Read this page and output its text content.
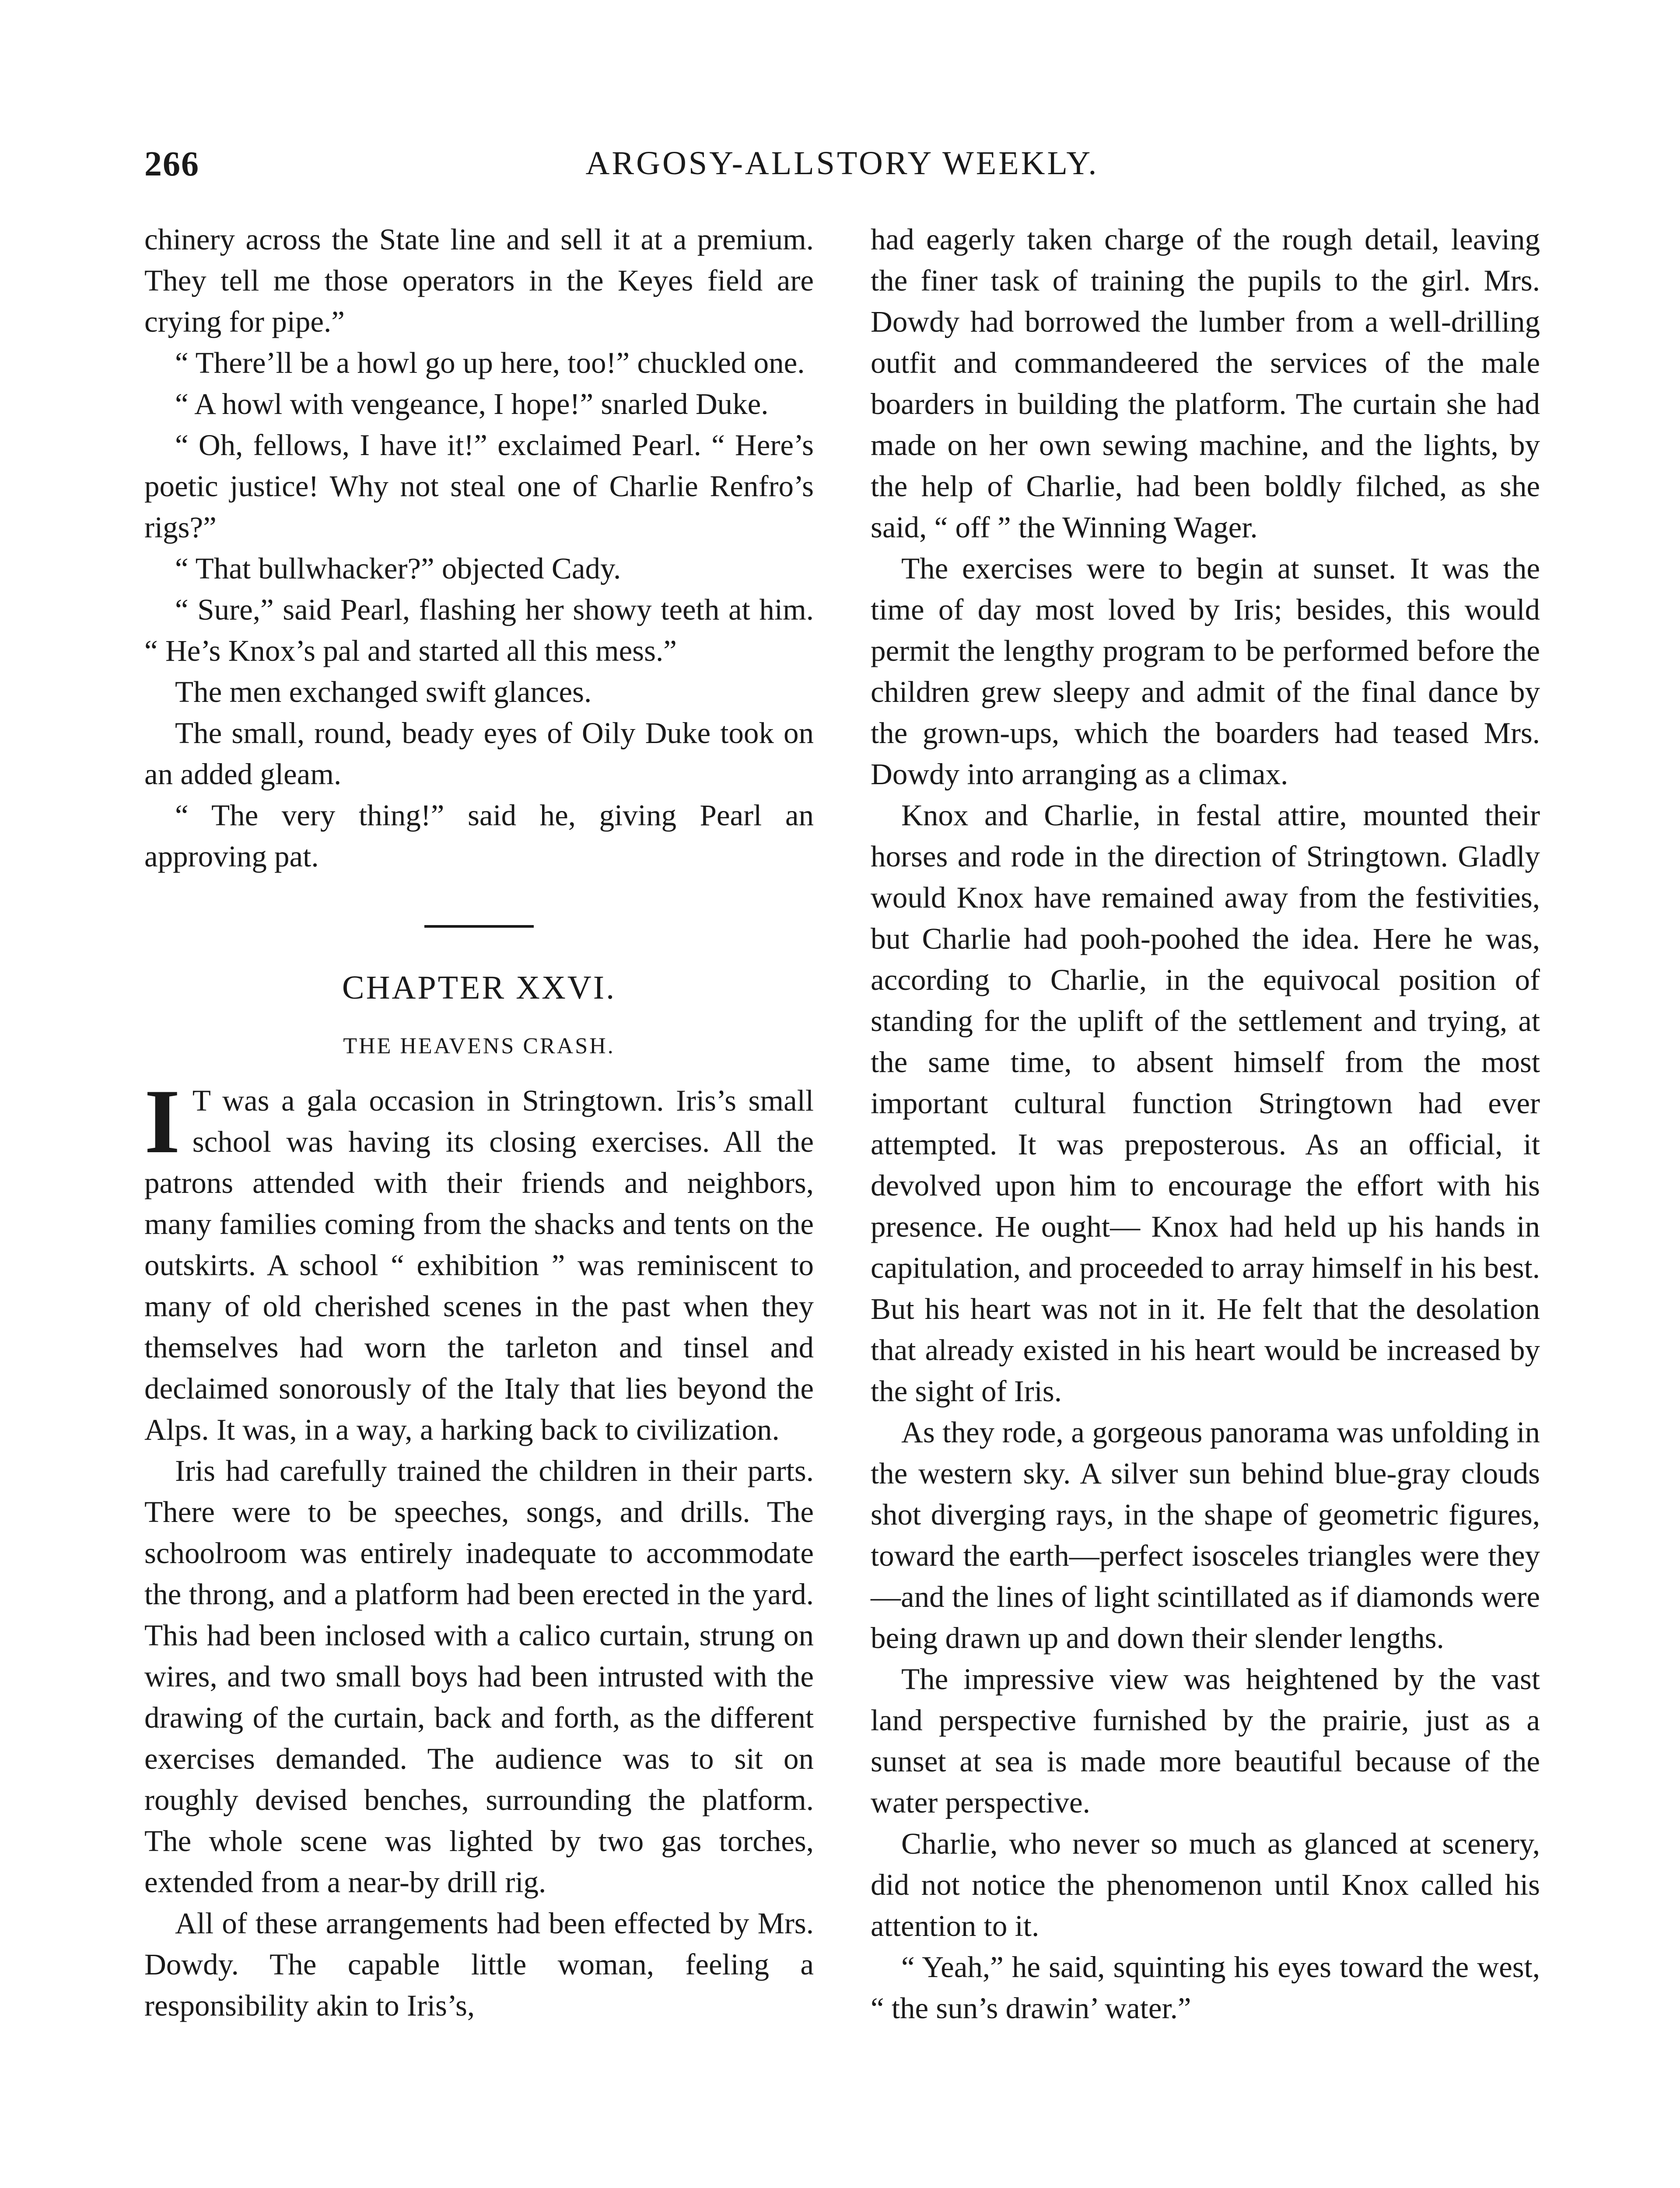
266	ARGOSY-ALLSTORY WEEKLY.

chinery across the State line and sell it at a premium. They tell me those operators in the Keyes field are crying for pipe.”

“ There’ll be a howl go up here, too!” chuckled one.

“ A howl with vengeance, I hope!” snarled Duke.

“ Oh, fellows, I have it!” exclaimed Pearl. “ Here’s poetic justice! Why not steal one of Charlie Renfro’s rigs?”

“ That bullwhacker?” objected Cady.

“ Sure,” said Pearl, flashing her showy teeth at him. “ He’s Knox’s pal and started all this mess.”

The men exchanged swift glances.

The small, round, beady eyes of Oily Duke took on an added gleam.

“ The very thing!” said he, giving Pearl an approving pat.

CHAPTER XXVI.
THE HEAVENS CRASH.

I T was a gala occasion in Stringtown. Iris’s small school was having its closing exercises. All the patrons attended with their friends and neighbors, many families coming from the shacks and tents on the outskirts. A school “ exhibition ” was reminiscent to many of old cherished scenes in the past when they themselves had worn the tarleton and tinsel and declaimed sonorously of the Italy that lies beyond the Alps. It was, in a way, a harking back to civilization.

Iris had carefully trained the children in their parts. There were to be speeches, songs, and drills. The schoolroom was entirely inadequate to accommodate the throng, and a platform had been erected in the yard. This had been inclosed with a calico curtain, strung on wires, and two small boys had been intrusted with the drawing of the curtain, back and forth, as the different exercises demanded. The audience was to sit on roughly devised benches, surrounding the platform. The whole scene was lighted by two gas torches, extended from a near-by drill rig.

All of these arrangements had been effected by Mrs. Dowdy. The capable little woman, feeling a responsibility akin to Iris’s,

had eagerly taken charge of the rough detail, leaving the finer task of training the pupils to the girl. Mrs. Dowdy had borrowed the lumber from a well-drilling outfit and commandeered the services of the male boarders in building the platform. The curtain she had made on her own sewing machine, and the lights, by the help of Charlie, had been boldly filched, as she said, “ off ” the Winning Wager.

The exercises were to begin at sunset. It was the time of day most loved by Iris; besides, this would permit the lengthy program to be performed before the children grew sleepy and admit of the final dance by the grown-ups, which the boarders had teased Mrs. Dowdy into arranging as a climax.

Knox and Charlie, in festal attire, mounted their horses and rode in the direction of Stringtown. Gladly would Knox have remained away from the festivities, but Charlie had pooh-poohed the idea. Here he was, according to Charlie, in the equivocal position of standing for the uplift of the settlement and trying, at the same time, to absent himself from the most important cultural function Stringtown had ever attempted. It was preposterous. As an official, it devolved upon him to encourage the effort with his presence. He ought— Knox had held up his hands in capitulation, and proceeded to array himself in his best. But his heart was not in it. He felt that the desolation that already existed in his heart would be increased by the sight of Iris.

As they rode, a gorgeous panorama was unfolding in the western sky. A silver sun behind blue-gray clouds shot diverging rays, in the shape of geometric figures, toward the earth—perfect isosceles triangles were they —and the lines of light scintillated as if diamonds were being drawn up and down their slender lengths.

The impressive view was heightened by the vast land perspective furnished by the prairie, just as a sunset at sea is made more beautiful because of the water perspective.

Charlie, who never so much as glanced at scenery, did not notice the phenomenon until Knox called his attention to it.

“ Yeah,” he said, squinting his eyes toward the west, “ the sun’s drawin’ water.”
